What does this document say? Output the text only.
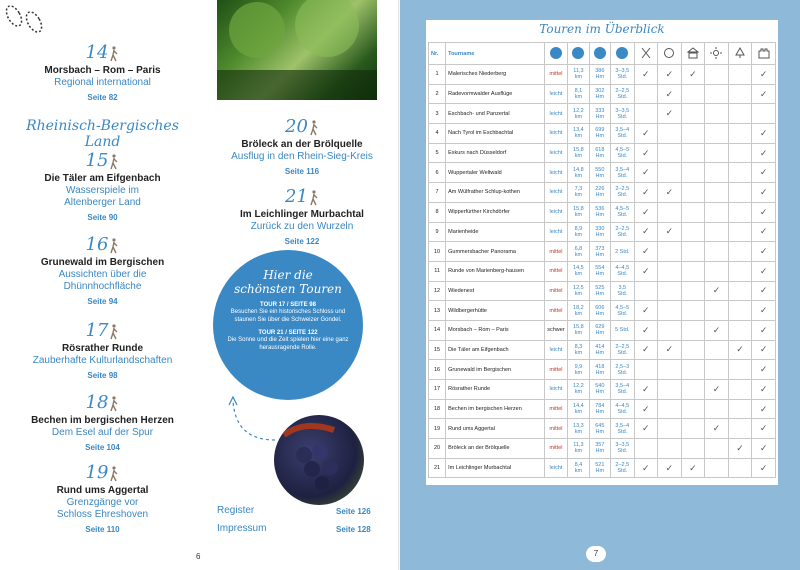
Rheinisch-Bergisches Land
14
Morsbach – Rom – Paris
Regional international
Seite 82
15
Die Täler am Eifgenbach
Wasserspiele im
Altenberger Land
Seite 90
16
Grunewald im Bergischen
Aussichten über die
Dhünnhochfläche
Seite 94
17
Rösrather Runde
Zauberhafte Kulturlandschaften
Seite 98
18
Bechen im bergischen Herzen
Dem Esel auf der Spur
Seite 104
19
Rund ums Aggertal
Grenzgänge vor
Schloss Ehreshoven
Seite 110
20
Bröleck an der Brölquelle
Ausflug in den Rhein-Sieg-Kreis
Seite 116
21
Im Leichlinger Murbachtal
Zurück zu den Wurzeln
Seite 122
Hier die
schönsten Touren
TOUR 17 / SEITE 98
Besuchen Sie ein historisches Schloss und staunen Sie über die Schweizer Gondel.
TOUR 21 / SEITE 122
Die Sonne und die Zeit spielen hier eine ganz herausragende Rolle.
Register	Seite 126
Impressum	Seite 128
6
Touren im Überblick
Nr.	Tourname										
1	Malerisches Niederberg	mittel	11,3 km	386 Hm	3–3,5 Std.	✓	✓	✓			✓
2	Radevormwalder Ausflüge	leicht	8,1 km	302 Hm	2–2,5 Std.		✓				✓
3	Eschbach- und Panzertal	leicht	12,2 km	333 Hm	3–3,5 Std.		✓				
4	Nach Tyrol im Eschbachtal	leicht	13,4 km	699 Hm	3,5–4 Std.	✓					✓
5	Exkurs nach Düsseldorf	leicht	15,8 km	618 Hm	4,5–5 Std.	✓					✓
6	Wuppertaler Weltwald	leicht	14,8 km	550 Hm	3,5–4 Std.	✓					✓
7	Am Wülfrather Schlup-kothen	leicht	7,3 km	226 Hm	2–2,5 Std.	✓	✓				✓
8	Wipperfürther Kirchdörfer	leicht	15,8 km	536 Hm	4,5–5 Std.	✓					✓
9	Marienheide	leicht	8,9 km	330 Hm	2–2,5 Std.	✓	✓				✓
10	Gummersbacher Panorama	mittel	6,8 km	373 Hm	2 Std.	✓					✓
11	Runde von Marienberg-hausen	mittel	14,5 km	554 Hm	4–4,5 Std.	✓					✓
12	Wiedenest	mittel	12,5 km	525 Hm	3,5 Std.				✓		✓
13	Wildbergerhütte	mittel	18,2 km	606 Hm	4,5–5 Std.	✓					✓
14	Morsbach – Rom – Paris	schwer	15,8 km	629 Hm	5 Std.	✓			✓		✓
15	Die Täler am Eifgenbach	leicht	8,3 km	414 Hm	2–2,5 Std.	✓	✓			✓	✓
16	Grunewald im Bergischen	mittel	9,9 km	418 Hm	2,5–3 Std.						✓
17	Rösrather Runde	leicht	12,2 km	540 Hm	3,5–4 Std.	✓			✓		✓
18	Bechen im bergischen Herzen	mittel	14,4 km	784 Hm	4–4,5 Std.	✓					✓
19	Rund ums Aggertal	mittel	13,3 km	645 Hm	3,5–4 Std.	✓			✓		✓
20	Bröleck an der Brölquelle	mittel	11,3 km	357 Hm	3–3,5 Std.					✓	✓
21	Im Leichlinger Murbachtal	leicht	8,4 km	521 Hm	2–2,5 Std.	✓	✓	✓			✓
7
